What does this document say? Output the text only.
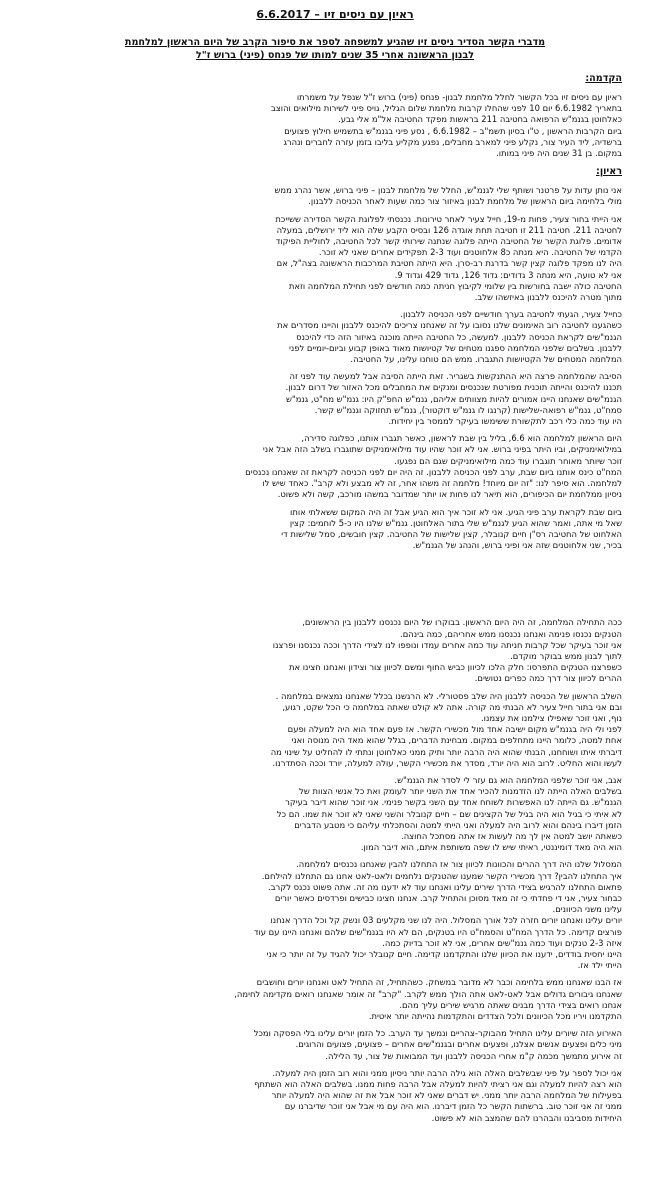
ראיון עם ניסים זיו – 6.6.2017
מדברי הקשר הסדיר ניסים זיו שהגיע למשפחה לספר את סיפור הקרב של היום הראשון למלחמת
לבנון הראשונה אחרי 35 שנים למותו של פנחס (פיני) ברוש ז"ל
הקדמה:
ראיון עם ניסים זיו בכל הקשור לחלל מלחמת לבנון- פנחס (פיני) ברוש ז"ל שנפל על משמרתו
בתאריך 6.6.1982 יום 10 לפני שהחלו קרבות מלחמת שלום הגליל, גויס פיני לשירות מילואים והוצב
כאלחוטן בגנמ"ש הרפואה בחטיבה 211 בראשות מפקד החטיבה אל"מ אלי גבע.
ביום הקרבות הראשון , ט"ו בסיון תשמ"ב – 6.6.1982 , נסע פיני בגנמ"ש בתשמיש חילוץ פצועים
ברשדיה, ליד העיר צור, נקלע פיני למארב מחבלים, נפגע מקליע בליבו בזמן עזרה לחברים ונהרג
במקום. בן 31 שנים היה פיני במותו.
ראיון:
אני נותן עדות על פרטנר ושותף שלי לגנמ"ש, החלל של מלחמת לבנון – פיני ברוש, אשר נהרג ממש
מולי בלחימה ביום הראשון של מלחמת לבנון באיזור צור כמה שעות לאחר הכניסה ללבנון.
אני הייתי בחור צעיר, פחות מ-19, חייל צעיר לאחר טירונות. נכנסתי לפלוגת הקשר הסדירה ששייכת
לחטיבה 211. חטיבה 211 זו חטיבה תחת אוגדה 126 ובסיס הקבע שלה הוא ליד ירושלים, במעלה
אדומים. פלוגת הקשר של החטיבה הייתה פלוגה שנתנה שירותי קשר לכל החטיבה, לחוליית הפיקוד
הקדמי של החטיבה. היא מנתה כ8 אלחוטנים ועוד 2-3 תפקידים אחרים שאני לא זוכר.
היה לנו מפקד פלוגה קצין קשר בדרגת רב-סרן. היא הייתה חטיבת המרכבות הראשונה בצה"ל, אם
אני לא טועה, היא מנתה 3 גדודים: גדוד 126, גדוד 429 וגדוד 9.
החטיבה כולה ישבה בחורשות בין שלומי לקיבוץ חניתה כמה חודשים לפני תחילת המלחמה וזאת
מתוך מטרה להיכנס ללבנון באיזשהו שלב.
כחייל צעיר, הגעתי לחטיבה בערך חודשיים לפני הכניסה ללבנון.
כשהגענו לחטיבה רוב האימונים שלנו נסובו על זה שאנחנו צריכים להיכנס ללבנון והיינו מסדרים את
הגנמ"שים לקראת הכניסה ללבנון. למעשה, כל החטיבה הייתה מוכנה באיזור הזה כדי להיכנס
ללבנון. בשלבים שלפני המלחמה ספגנו מטחים של קטיושות מאוד באופן קבוע וביום-יומיים לפני
המלחמה המטחים של הקטיושות התגברו. ממש הם טוחנו עלינו, על החטיבה.
הסיבה שהמלחמה פרצה היא ההתנקשות בשגריר. זאת הייתה הסיבה אבל למעשה עוד לפני זה
תכננו להיכנס והייתה תוכנית מפורטת שנכנסים ומנקים את המחבלים מכל האזור של דרום לבנון.
הגנמ"שים שאנחנו היינו אמורים להיות מצוותים אליהם, גנמ"ש החפ"ק היו: גנמ"ש מח"ט, גנמ"ש
סמח"ט, גנמ"ש רפואה-שלישות (קרנגו לו גנמ"ש דוקטור), גנמ"ש תחזוקה וגנמ"ש קשר.
היו עוד כמה כלי רכב לתקשורת ששימשו בעיקר לממסר בין יחידות.
היום הראשון למלחמה הוא 6.6, בליל בין שבת לראשון, כאשר תגברו אותנו, כפלוגה סדירה,
במילואימניקים, וביו היתר בפיני ברוש. אני לא זוכר שהיו עוד מילואימניקים שתוגברו בשלב הזה אבל אני
זוכר שיותר מאוחר תוגברו עוד כמה מילואימניקים שגם הם נפגעו.
המח"ט כינס אותנו ביום שבת, ערב לפני הכניסה ללבנון. זה היה יום לפני הכניסה לקראת זה שאנחנו נכנסים
למלחמה. הוא סיפר לנו: "זה יום מיוחד! מלחמה זה משהו אחר, זה לא מבצע ולא קרב". כאחד שיש לו
ניסיון ממלחמת יום הכיפורים, הוא תיאר לנו פחות או יותר שמדובר במשהו מורכב, קשה ולא פשוט.
ביום שבת לקראת ערב פיני הגיע. אני לא זוכר איך הוא הגיע אבל זה היה המקום ששאלתי אותו
שאל מי אתה, ואמר שהוא הגיע לגנמ"ש שלי בתור האלחוטן. גנמ"ש שלנו היו כ-5 לוחמים: קצין
האלחוט של החטיבה רס"ן חיים קנובלר, קצין שלישות של החטיבה. קצין חובשים, סמל שלישות די
בכיר, שני אלחוטנים שזה אני ופיני ברוש, והנהג של הגנמ"ש.
ככה התחילה המלחמה, זה היה היום הראשון. בבוקרו של היום נכנסנו ללבנון בין הראשונים,
הטנקים נכנסו פנימה ואנחנו נכנסנו ממש אחריהם, כמה בינהם.
אני זוכר בעיקר שכל קרבות חניתה עוד כמה אחרים עמדו ונופפו לנו לצידי הדרך וככה נכנסנו ופרצנו
לתוך לבנון ממש בבוקר מוקדם.
כשפרצנו הטנקים התפרסו: חלק הלכו לכיוון כביש החוף ומשם לכיוון צור וצידון ואנחנו חצינו את
ההרים לכיוון צור דרך כמה כפרים נטושים.
השלב הראשון של הכניסה ללבנון היה שלב פסטורלי. לא הרגשנו בכלל שאנחנו נמצאים במלחמה .
ובם אני בתור חייל צעיר לא הבנתי מה קורה. אתה לא קולט שאתה במלחמה כי הכל שקט, רגוע,
נוף, ואני זוכר שאפילו צילמנו את עצמנו.
לפני ולי היה בגנמ"ש מקום ישיבה אחד מול מכשירי הקשר. אז פעם אחד הוא היה למעלה ופעם
אחת למטה, כלומר היינו מתחלפים במקום. מבחינת הדברים, בגלל שהוא מאד היה מנוסה ואני
דיברתי איתו ושוחחנו, הבנתי שהוא היה הרבה יותר ותיק ממני כאלחוטן ונתתי לו להחליט על שינוי מה
לעשו והוא החליט. לרוב הוא היה יורד, מסדר את מכשירי הקשר, עולה למעלה, יורד וככה הסתדרנו.
אגב, אני זוכר שלפני המלחמה הוא גם עזר לי לסדר את הגנמ"ש.
בשלבים האלה הייתה לנו הזדמנות להכיר אחד את השני יותר לעומק ואת כל אנשי הצוות של
הגנמ"ש. גם הייתה לנו האפשרות לשוחח אחד עם השני בקשר פנימי. אני זוכר שהוא דיבר בעיקר
לא איתי כי בגיל הוא היה בגיל של הקצינים שם – חיים קנובלר והשני שאני לא זוכר את שמו. הם כל
הזמן דיברו בינהם והוא לרוב היה למעלה ואני הייתי למטה והסתכלתי עליהם כי מטבע הדברים
כשאתה יושב למטה אין לך מה לעשות אז אתה מסתכל החוצה.
הוא היה מאד דומיננטי, ראיתי שיש לו שפה משותפת איתם, הוא דיבר המון.
המסלול שלנו היה דרך ההרים והכוונות לכיוון צור אז התחלנו להבין שאנחנו נכנסים למלחמה.
איך התחלנו להבין? דרך מכשירי הקשר שמענו שהטנקים נלחמים ולאט-לאט אחנו גם התחלנו להילחם.
פתאום התחלנו להרגיש בצידי הדרך שירים עלינו ואנחנו עוד לא ידענו מה זה. אתה פשוט נכנס לקרב.
כבחור צעיר, אני די פחדתי כי זה מאד מסוכן והתחיל קרב. אנחנו חצינו כבישים ופרדסים כאשר יורים
עלינו משני הכיוונים.
יורים עלינו ואנחנו יורים חזרה לכל אורך המסלול. היה לנו שני מקלעים 03 ונשק קל וכל הדרך אנחנו
פורצים קדימה. כל הדרך המח"ט והסמח"ט היו בטנקים, הם לא היו בגנמ"שים שלהם ואנחנו היינו עם עוד
איזה 2-3 טנקים ועוד כמה גנמ"שים אחרים, אני לא זוכר בדיוק כמה.
היינו יחסית בודדים, ידענו את הכיוון שלנו והתקדמנו קדימה. חיים קנובלר יכול להגיד על זה יותר כי אני
הייתי ילד אז.
אז הבנו שאנחנו ממש בלחימה וכבר לא מדובר במשחק. כשהתחיל, זה התחיל לאט ואנחנו יורים וחושבים
שאנחנו גיבורים גדולים אבל לאט-לאט אתה הולך ממש לקרב. "קרב" זה אומר שאנחנו רואים מקדימה לחימה,
אנחנו רואים בצידי הדרך מבנים שאתה מרגיש שירים עליך מהם.
התקדמנו ויריו מכל הכיוונים ולכל הצדדים והתקדמות נהייתה יותר איטית.
האירוע הזה שיורים עלינו התחיל מהבוקר-צהריים ונמשך עד הערב. כל הזמן יורים עלינו בלי הפסקה ומכל
מיני כלים ופצעים אנשים אצלנו, ופצעים אחרים ובגנמ"שים אחרים – פצועים, פצועים והרוגים.
זה אירוע מתמשך מכמה ק"מ אחרי הכניסה ללבנון ועד המבואות של צור, עד הלילה.
אני יכול לספר על פיני שבשלבים האלה הוא גילה הרבה יותר ניסיון ממני והוא רוב הזמן היה למעלה.
הוא רצה להיות למעלה וגם אני רציתי להיות למעלה אבל הרבה פחות ממנו. בשלבים האלה הוא השתתף
בפעילות של המלחמה הרבה יותר ממני. יש דברים שאני לא זוכר אבל את זה שהוא היה למעלה יותר
ממני זה אני זוכר טוב. ברשתות הקשר כל הזמן דיברנו. הוא היה עם מי אבל אני זוכר שדיברנו עם
היחידות מסביבנו והבהרנו להם שהמצב הוא לא פשוט.
